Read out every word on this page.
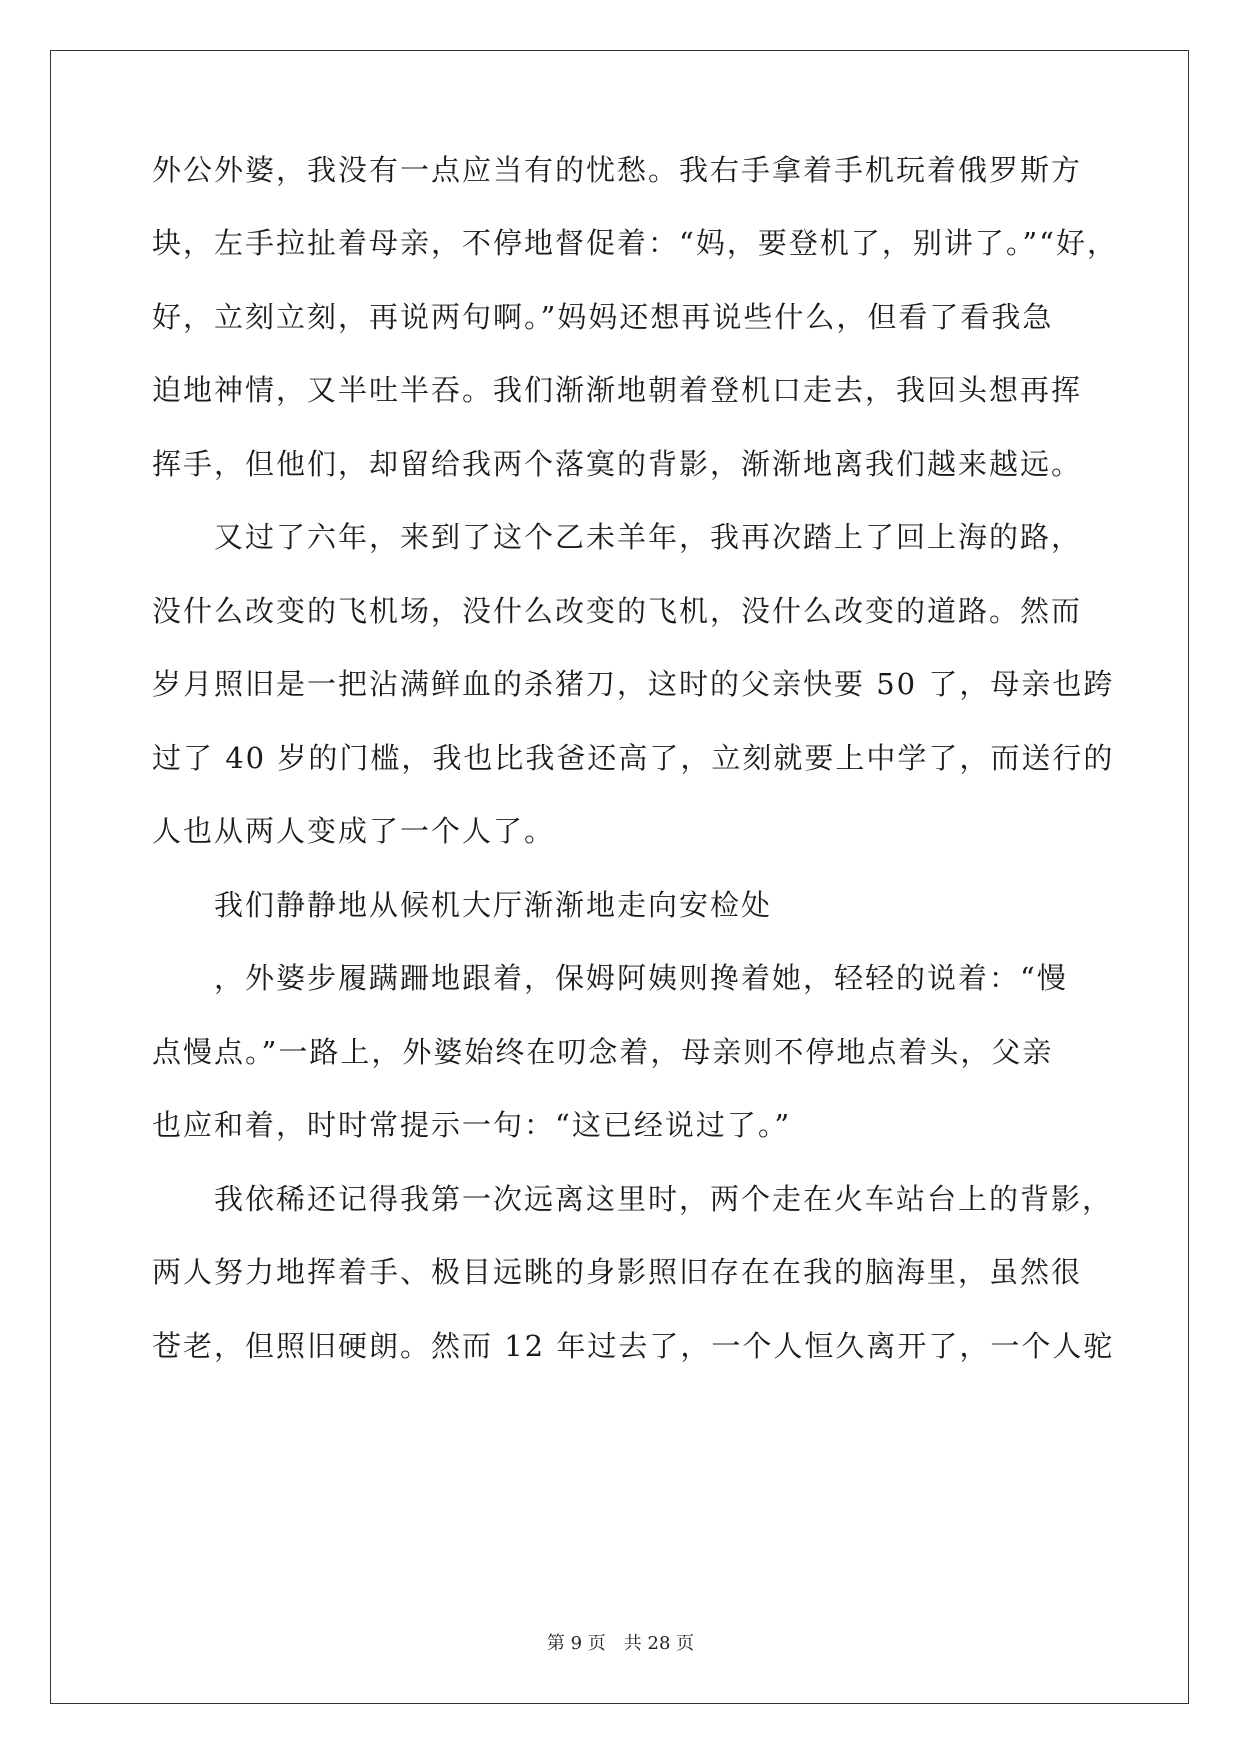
外公外婆，我没有一点应当有的忧愁。我右手拿着手机玩着俄罗斯方
块，左手拉扯着母亲，不停地督促着：“妈，要登机了，别讲了。”“好，
好，立刻立刻，再说两句啊。”妈妈还想再说些什么，但看了看我急
迫地神情，又半吐半吞。我们渐渐地朝着登机口走去，我回头想再挥
挥手，但他们，却留给我两个落寞的背影，渐渐地离我们越来越远。
又过了六年，来到了这个乙未羊年，我再次踏上了回上海的路，
没什么改变的飞机场，没什么改变的飞机，没什么改变的道路。然而
岁月照旧是一把沾满鲜血的杀猪刀，这时的父亲快要 50 了，母亲也跨
过了 40 岁的门槛，我也比我爸还高了，立刻就要上中学了，而送行的
人也从两人变成了一个人了。
我们静静地从候机大厅渐渐地走向安检处
，外婆步履蹒跚地跟着，保姆阿姨则搀着她，轻轻的说着：“慢
点慢点。”一路上，外婆始终在叨念着，母亲则不停地点着头，父亲
也应和着，时时常提示一句：“这已经说过了。”
我依稀还记得我第一次远离这里时，两个走在火车站台上的背影，
两人努力地挥着手、极目远眺的身影照旧存在在我的脑海里，虽然很
苍老，但照旧硬朗。然而 12 年过去了，一个人恒久离开了，一个人驼
第 9 页 共 28 页
